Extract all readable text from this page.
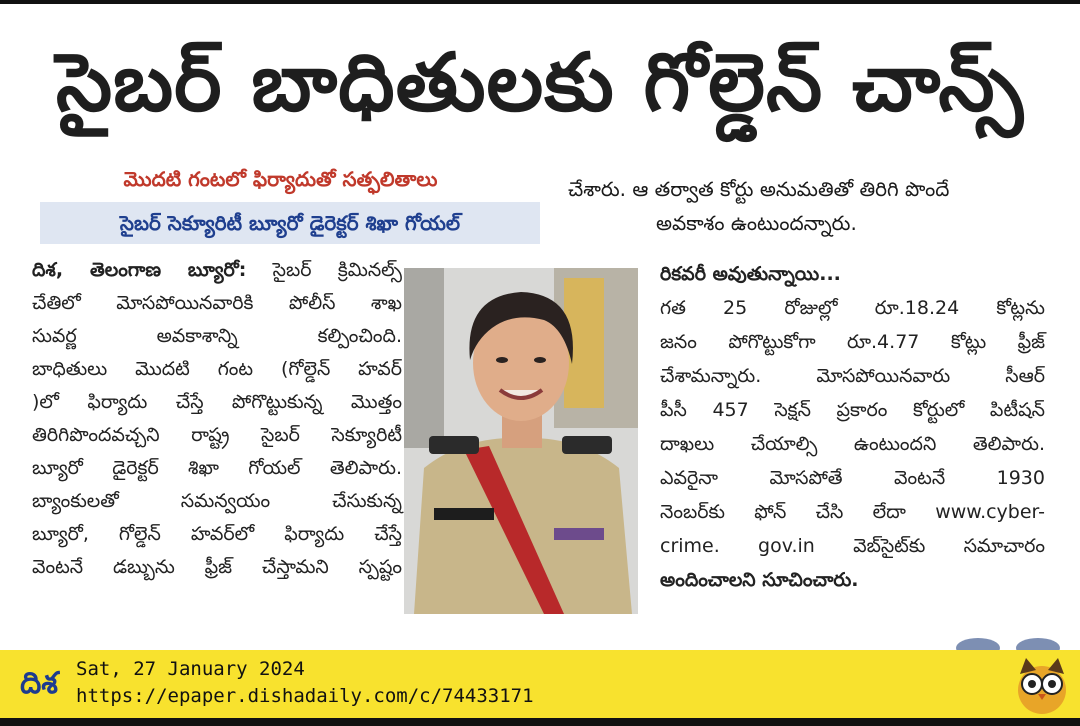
సైబర్ బాధితులకు గోల్డెన్ చాన్స్
మొదటి గంటలో ఫిర్యాదుతో సత్ఫలితాలు
సైబర్ సెక్యూరిటీ బ్యూరో డైరెక్టర్ శిఖా గోయల్
దిశ, తెలంగాణ బ్యూరో: సైబర్ క్రిమినల్స్
చేతిలో మోసపోయినవారికి పోలీస్ శాఖ
సువర్ణ అవకాశాన్ని కల్పించింది.
బాధితులు మొదటి గంట (గోల్డెన్ హవర్
)లో ఫిర్యాదు చేస్తే పోగొట్టుకున్న మొత్తం
తిరిగిపొందవచ్చని రాష్ట్ర సైబర్ సెక్యూరిటీ
బ్యూరో డైరెక్టర్ శిఖా గోయల్ తెలిపారు.
బ్యాంకులతో సమన్వయం చేసుకున్న
బ్యూరో, గోల్డెన్ హవర్‌లో ఫిర్యాదు చేస్తే
వెంటనే డబ్బును ఫ్రీజ్ చేస్తామని స్పష్టం
చేశారు. ఆ తర్వాత కోర్టు అనుమతితో తిరిగి పొందే
అవకాశం ఉంటుందన్నారు.
రికవరీ అవుతున్నాయి...
గత 25 రోజుల్లో రూ.18.24 కోట్లను
జనం పోగొట్టుకోగా రూ.4.77 కోట్లు ఫ్రీజ్
చేశామన్నారు. మోసపోయినవారు సీఆర్
పీసీ 457 సెక్షన్ ప్రకారం కోర్టులో పిటీషన్
దాఖలు చేయాల్సి ఉంటుందని తెలిపారు.
ఎవరైనా మోసపోతే వెంటనే 1930
నెంబర్‌కు ఫోన్ చేసి లేదా www.cyber-
crime. gov.in వెబ్‌సైట్‌కు సమాచారం
అందించాలని సూచించారు.
దిశ Sat, 27 January 2024
https://epaper.dishadaily.com/c/74433171
